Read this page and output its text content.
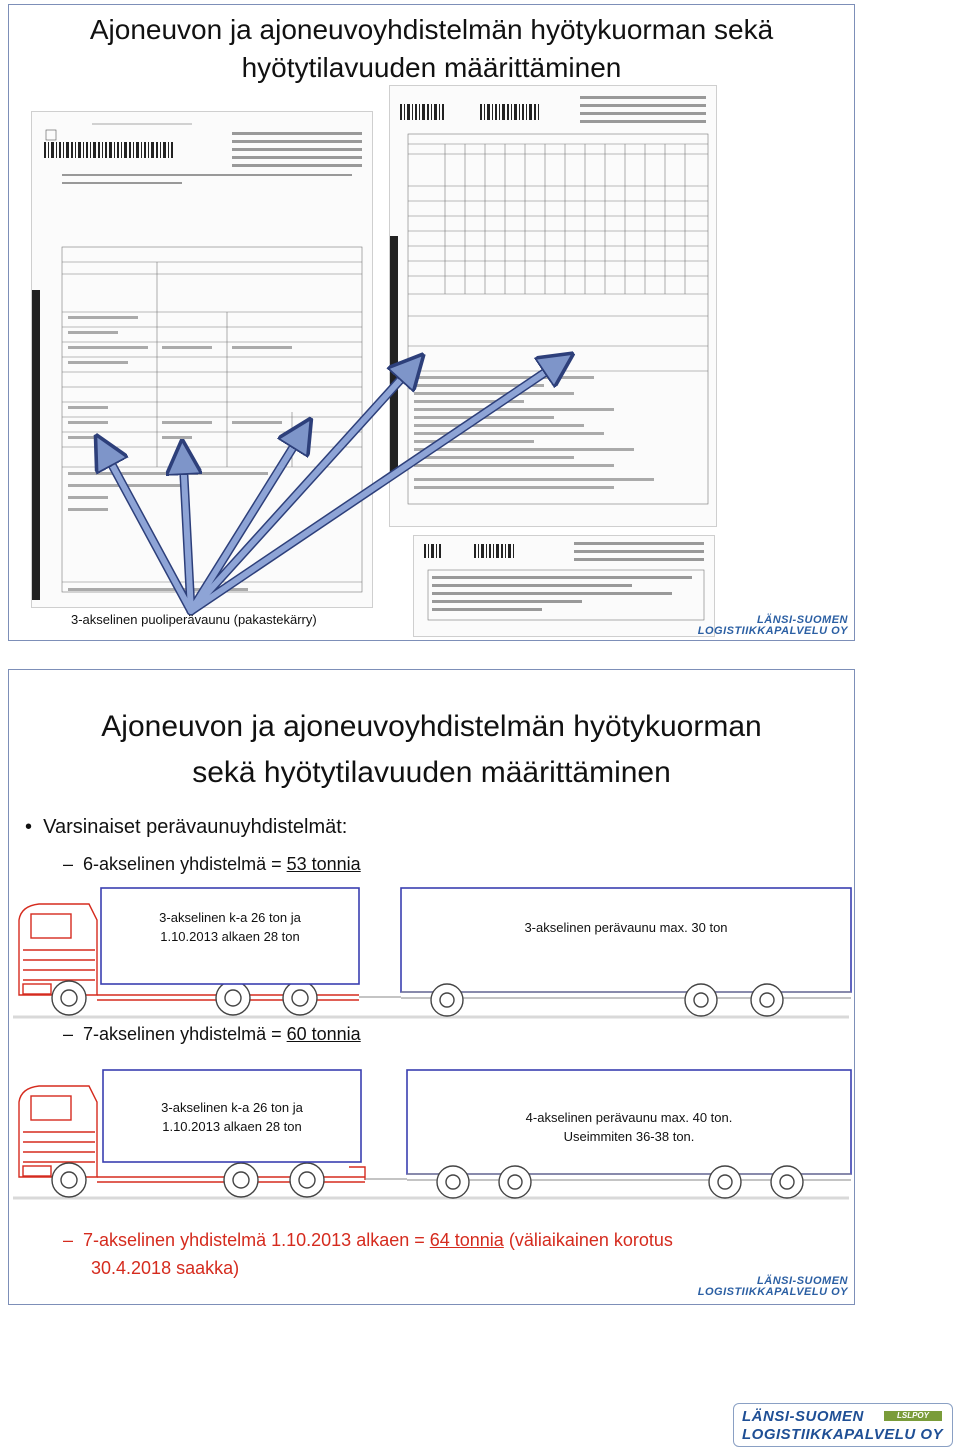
Ajoneuvon ja ajoneuvoyhdistelmän hyötykuorman sekä
hyötytilavuuden määrittäminen
3-akselinen puoliperävaunu (pakastekärry)	LÄNSI-SUOMEN
LOGISTIIKKAPALVELU OY
Ajoneuvon ja ajoneuvoyhdistelmän hyötykuorman
sekä hyötytilavuuden määrittäminen
•  Varsinaiset perävaunuyhdistelmät:
–  6-akselinen yhdistelmä = 53 tonnia
3-akselinen k-a 26 ton ja
1.10.2013 alkaen 28 ton
3-akselinen perävaunu max. 30 ton
–  7-akselinen yhdistelmä = 60 tonnia
3-akselinen k-a 26 ton ja
1.10.2013 alkaen 28 ton
4-akselinen perävaunu max. 40 ton.
Useimmiten 36-38 ton.
–  7-akselinen yhdistelmä 1.10.2013 alkaen = 64 tonnia (väliaikainen korotus
30.4.2018 saakka)
LÄNSI-SUOMEN
LOGISTIIKKAPALVELU OY
LÄNSI-SUOMEN	LSLPOY
LOGISTIIKKAPALVELU OY
